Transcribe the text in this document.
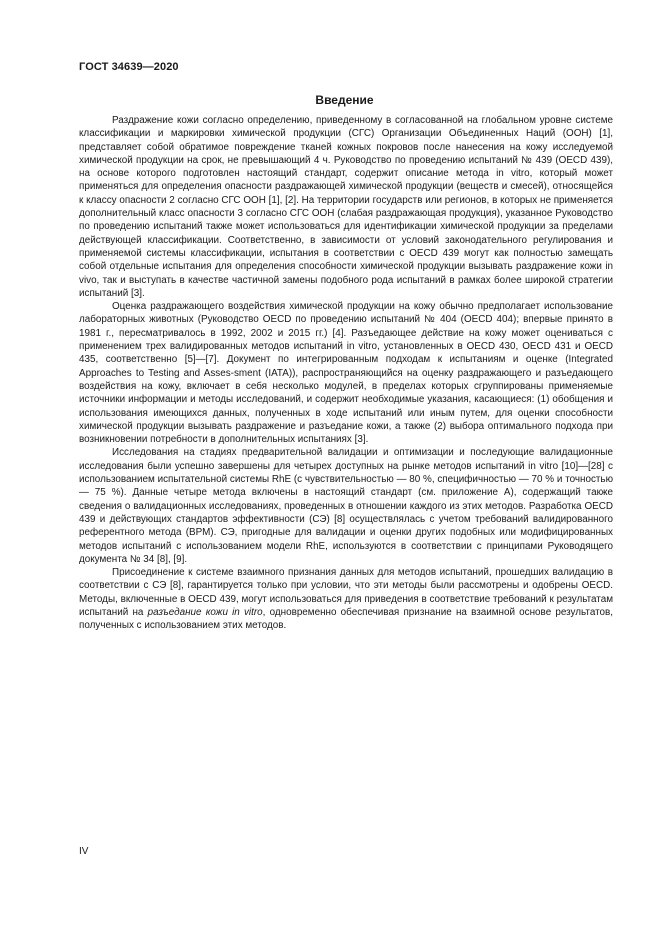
ГОСТ 34639—2020
Введение

Раздражение кожи согласно определению, приведенному в согласованной на глобальном уровне системе классификации и маркировки химической продукции (СГС) Организации Объединенных Наций (ООН) [1], представляет собой обратимое повреждение тканей кожных покровов после нанесения на кожу исследуемой химической продукции на срок, не превышающий 4 ч. Руководство по проведению испытаний № 439 (OECD 439), на основе которого подготовлен настоящий стандарт, содержит описание метода in vitro, который может применяться для определения опасности раздражающей химической продукции (веществ и смесей), относящейся к классу опасности 2 согласно СГС ООН [1], [2]. На территории государств или регионов, в которых не применяется дополнительный класс опасности 3 согласно СГС ООН (слабая раздражающая продукция), указанное Руководство по проведению испытаний также может использоваться для идентификации химической продукции за пределами действующей классификации. Соответственно, в зависимости от условий законодательного регулирования и применяемой системы классификации, испытания в соответствии с OECD 439 могут как полностью замещать собой отдельные испытания для определения способности химической продукции вызывать раздражение кожи in vivo, так и выступать в качестве частичной замены подобного рода испытаний в рамках более широкой стратегии испытаний [3].

Оценка раздражающего воздействия химической продукции на кожу обычно предполагает использование лабораторных животных (Руководство OECD по проведению испытаний № 404 (OECD 404); впервые принято в 1981 г., пересматривалось в 1992, 2002 и 2015 гг.) [4]. Разъедающее действие на кожу может оцениваться с применением трех валидированных методов испытаний in vitro, установленных в OECD 430, OECD 431 и OECD 435, соответственно [5]—[7]. Документ по интегрированным подходам к испытаниям и оценке (Integrated Approaches to Testing and Asses-sment (IATA)), распространяющийся на оценку раздражающего и разъедающего воздействия на кожу, включает в себя несколько модулей, в пределах которых сгруппированы применяемые источники информации и методы исследований, и содержит необходимые указания, касающиеся: (1) обобщения и использования имеющихся данных, полученных в ходе испытаний или иным путем, для оценки способности химической продукции вызывать раздражение и разъедание кожи, а также (2) выбора оптимального подхода при возникновении потребности в дополнительных испытаниях [3].

Исследования на стадиях предварительной валидации и оптимизации и последующие валидационные исследования были успешно завершены для четырех доступных на рынке методов испытаний in vitro [10]—[28] с использованием испытательной системы RhE (с чувствительностью — 80 %, специфичностью — 70 % и точностью — 75 %). Данные четыре метода включены в настоящий стандарт (см. приложение А), содержащий также сведения о валидационных исследованиях, проведенных в отношении каждого из этих методов. Разработка OECD 439 и действующих стандартов эффективности (СЭ) [8] осуществлялась с учетом требований валидированного референтного метода (ВРМ). СЭ, пригодные для валидации и оценки других подобных или модифицированных методов испытаний с использованием модели RhE, используются в соответствии с принципами Руководящего документа № 34 [8], [9].

Присоединение к системе взаимного признания данных для методов испытаний, прошедших валидацию в соответствии с СЭ [8], гарантируется только при условии, что эти методы были рассмотрены и одобрены OECD. Методы, включенные в OECD 439, могут использоваться для приведения в соответствие требований к результатам испытаний на разъедание кожи in vitro, одновременно обеспечивая признание на взаимной основе результатов, полученных с использованием этих методов.

IV
